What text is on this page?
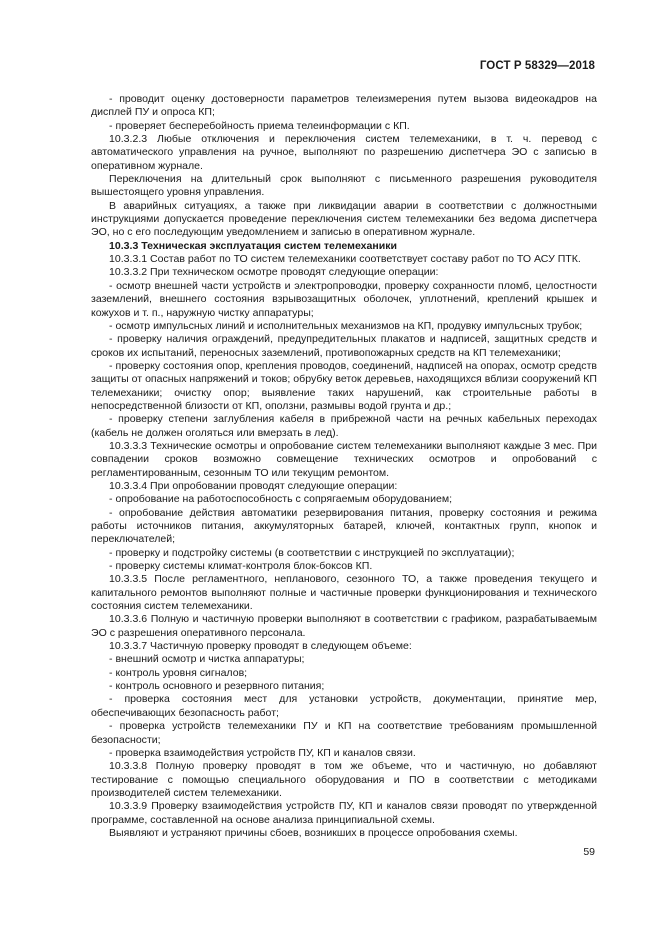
ГОСТ Р 58329—2018

- проводит оценку достоверности параметров телеизмерения путем вызова видеокадров на дисплей ПУ и опроса КП;

- проверяет бесперебойность приема телеинформации с КП.

10.3.2.3 Любые отключения и переключения систем телемеханики, в т. ч. перевод с автоматического управления на ручное, выполняют по разрешению диспетчера ЭО с записью в оперативном журнале.

Переключения на длительный срок выполняют с письменного разрешения руководителя вышестоящего уровня управления.

В аварийных ситуациях, а также при ликвидации аварии в соответствии с должностными инструкциями допускается проведение переключения систем телемеханики без ведома диспетчера ЭО, но с его последующим уведомлением и записью в оперативном журнале.

10.3.3 Техническая эксплуатация систем телемеханики

10.3.3.1 Состав работ по ТО систем телемеханики соответствует составу работ по ТО АСУ ПТК.

10.3.3.2 При техническом осмотре проводят следующие операции:

- осмотр внешней части устройств и электропроводки, проверку сохранности пломб, целостности заземлений, внешнего состояния взрывозащитных оболочек, уплотнений, креплений крышек и кожухов и т. п., наружную чистку аппаратуры;

- осмотр импульсных линий и исполнительных механизмов на КП, продувку импульсных трубок;

- проверку наличия ограждений, предупредительных плакатов и надписей, защитных средств и сроков их испытаний, переносных заземлений, противопожарных средств на КП телемеханики;

- проверку состояния опор, крепления проводов, соединений, надписей на опорах, осмотр средств защиты от опасных напряжений и токов; обрубку веток деревьев, находящихся вблизи сооружений КП телемеханики; очистку опор; выявление таких нарушений, как строительные работы в непосредственной близости от КП, оползни, размывы водой грунта и др.;

- проверку степени заглубления кабеля в прибрежной части на речных кабельных переходах (кабель не должен оголяться или вмерзать в лед).

10.3.3.3 Технические осмотры и опробование систем телемеханики выполняют каждые 3 мес. При совпадении сроков возможно совмещение технических осмотров и опробований с регламентированным, сезонным ТО или текущим ремонтом.

10.3.3.4 При опробовании проводят следующие операции:

- опробование на работоспособность с сопрягаемым оборудованием;

- опробование действия автоматики резервирования питания, проверку состояния и режима работы источников питания, аккумуляторных батарей, ключей, контактных групп, кнопок и переключателей;

- проверку и подстройку системы (в соответствии с инструкцией по эксплуатации);

- проверку системы климат-контроля блок-боксов КП.

10.3.3.5 После регламентного, непланового, сезонного ТО, а также проведения текущего и капитального ремонтов выполняют полные и частичные проверки функционирования и технического состояния систем телемеханики.

10.3.3.6 Полную и частичную проверки выполняют в соответствии с графиком, разрабатываемым ЭО с разрешения оперативного персонала.

10.3.3.7 Частичную проверку проводят в следующем объеме:

- внешний осмотр и чистка аппаратуры;

- контроль уровня сигналов;

- контроль основного и резервного питания;

- проверка состояния мест для установки устройств, документации, принятие мер, обеспечивающих безопасность работ;

- проверка устройств телемеханики ПУ и КП на соответствие требованиям промышленной безопасности;

- проверка взаимодействия устройств ПУ, КП и каналов связи.

10.3.3.8 Полную проверку проводят в том же объеме, что и частичную, но добавляют тестирование с помощью специального оборудования и ПО в соответствии с методиками производителей систем телемеханики.

10.3.3.9 Проверку взаимодействия устройств ПУ, КП и каналов связи проводят по утвержденной программе, составленной на основе анализа принципиальной схемы.

Выявляют и устраняют причины сбоев, возникших в процессе опробования схемы.

59
